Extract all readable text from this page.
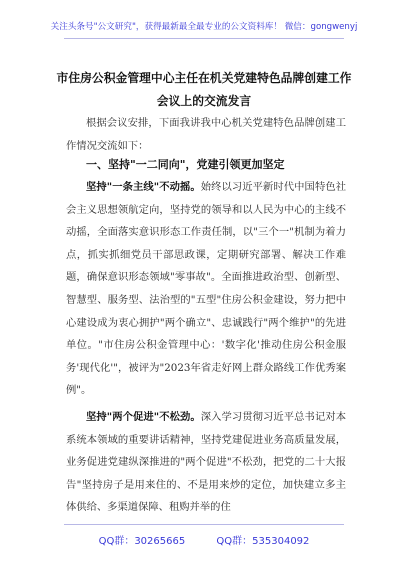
关注头条号"公文研究"，获得最新最全最专业的公文资料库！ 微信：gongwenyj
市住房公积金管理中心主任在机关党建特色品牌创建工作
会议上的交流发言

根据会议安排，下面我讲我中心机关党建特色品牌创建工作情况交流如下：

一、坚持"一二同向"，党建引领更加坚定

坚持"一条主线"不动摇。始终以习近平新时代中国特色社会主义思想领航定向，坚持党的领导和以人民为中心的主线不动摇，全面落实意识形态工作责任制，以"三个一"机制为着力点，抓实抓细党员干部思政课，定期研究部署、解决工作难题，确保意识形态领域"零事故"。全面推进政治型、创新型、智慧型、服务型、法治型的"五型"住房公积金建设，努力把中心建设成为衷心拥护"两个确立"、忠诚践行"两个维护"的先进单位。"市住房公积金管理中心：'数字化'推动住房公积金服务'现代化'"，被评为"2023年省走好网上群众路线工作优秀案例"。

坚持"两个促进"不松劲。深入学习贯彻习近平总书记对本系统本领域的重要讲话精神，坚持党建促进业务高质量发展，业务促进党建纵深推进的"两个促进"不松劲，把党的二十大报告"坚持房子是用来住的、不是用来炒的定位，加快建立多主体供给、多渠道保障、租购并举的住

QQ群：30265665	QQ群：535304092
